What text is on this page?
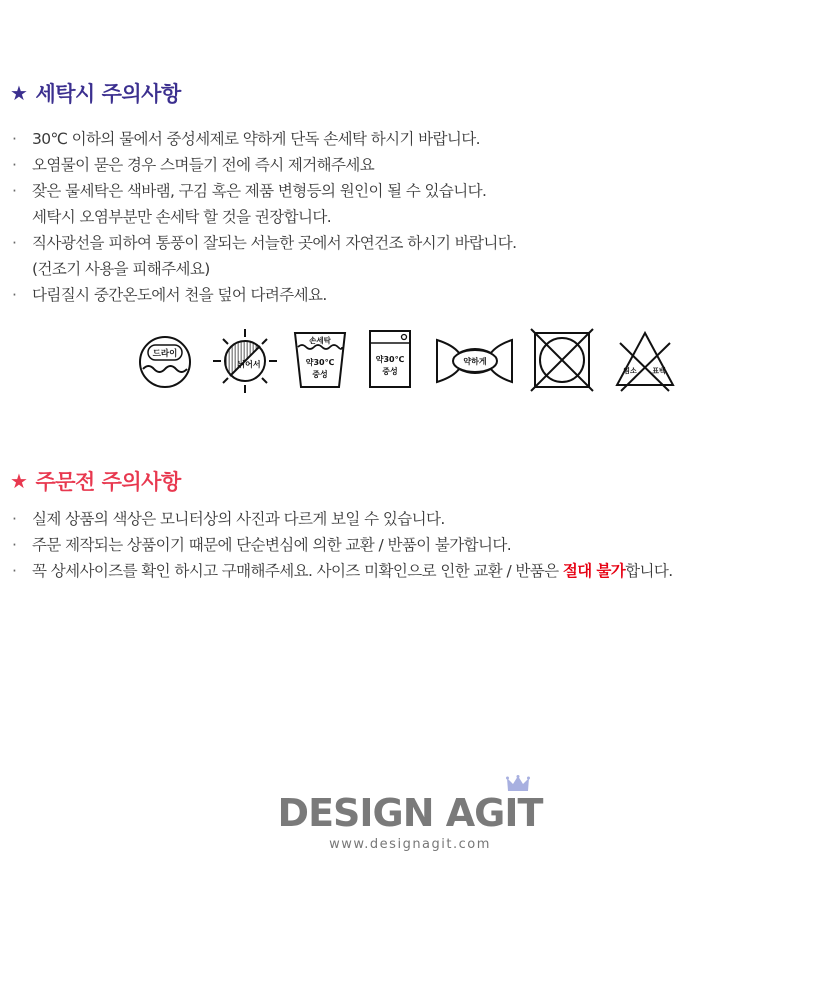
★ 세탁시 주의사항
· 30℃ 이하의 물에서 중성세제로 약하게 단독 손세탁 하시기 바랍니다.
· 오염물이 묻은 경우 스며들기 전에 즉시 제거해주세요
· 잦은 물세탁은 색바램, 구김 혹은 제품 변형등의 원인이 될 수 있습니다.
세탁시 오염부분만 손세탁 할 것을 권장합니다.
· 직사광선을 피하여 통풍이 잘되는 서늘한 곳에서 자연건조 하시기 바랍니다.
(건조기 사용을 피해주세요)
· 다림질시 중간온도에서 천을 덮어 다려주세요.
드라이
뉘어서
손세탁
약30℃
중성
약30℃
중성
약하게
염소 표백
★ 주문전 주의사항
· 실제 상품의 색상은 모니터상의 사진과 다르게 보일 수 있습니다.
· 주문 제작되는 상품이기 때문에 단순변심에 의한 교환 / 반품이 불가합니다.
· 꼭 상세사이즈를 확인 하시고 구매해주세요. 사이즈 미확인으로 인한 교환 / 반품은 절대 불가합니다.
DESIGN AGIT
www.designagit.com
